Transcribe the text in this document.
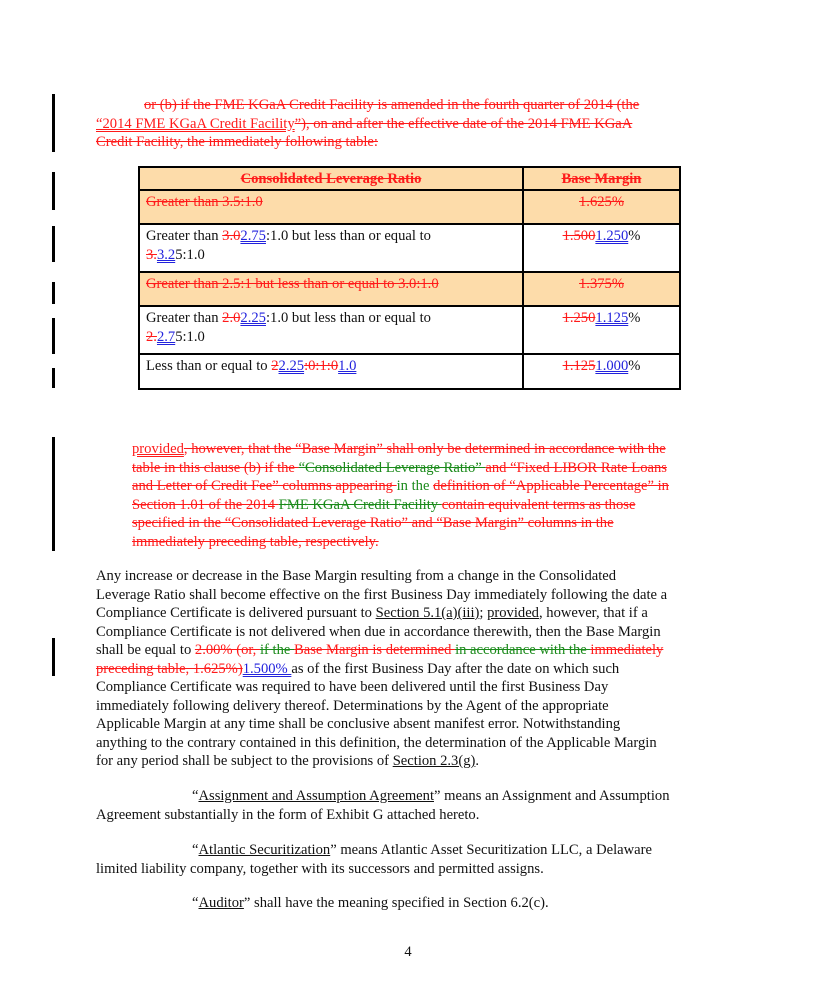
or (b) if the FME KGaA Credit Facility is amended in the fourth quarter of 2014 (the
“2014 FME KGaA Credit Facility”), on and after the effective date of the 2014 FME KGaA
Credit Facility, the immediately following table:
Consolidated Leverage Ratio	Base Margin
Greater than 3.5:1.0	1.625%
Greater than 3.02.75:1.0 but less than or equal to
3.3.25:1.0	1.5001.250%
Greater than 2.5:1 but less than or equal to 3.0:1.0	1.375%
Greater than 2.02.25:1.0 but less than or equal to
2.2.75:1.0	1.2501.125%
Less than or equal to 22.25:0:1:01.0	1.1251.000%
provided, however, that the “Base Margin” shall only be determined in accordance with the
table in this clause (b) if the “Consolidated Leverage Ratio” and “Fixed LIBOR Rate Loans
and Letter of Credit Fee” columns appearing in the definition of “Applicable Percentage” in
Section 1.01 of the 2014 FME KGaA Credit Facility contain equivalent terms as those
specified in the “Consolidated Leverage Ratio” and “Base Margin” columns in the
immediately preceding table, respectively.
Any increase or decrease in the Base Margin resulting from a change in the Consolidated
Leverage Ratio shall become effective on the first Business Day immediately following the date a
Compliance Certificate is delivered pursuant to Section 5.1(a)(iii); provided, however, that if a
Compliance Certificate is not delivered when due in accordance therewith, then the Base Margin
shall be equal to 2.00% (or, if the Base Margin is determined in accordance with the immediately
preceding table, 1.625%)1.500% as of the first Business Day after the date on which such
Compliance Certificate was required to have been delivered until the first Business Day
immediately following delivery thereof. Determinations by the Agent of the appropriate
Applicable Margin at any time shall be conclusive absent manifest error. Notwithstanding
anything to the contrary contained in this definition, the determination of the Applicable Margin
for any period shall be subject to the provisions of Section 2.3(g).
“Assignment and Assumption Agreement” means an Assignment and Assumption
Agreement substantially in the form of Exhibit G attached hereto.
“Atlantic Securitization” means Atlantic Asset Securitization LLC, a Delaware
limited liability company, together with its successors and permitted assigns.
“Auditor” shall have the meaning specified in Section 6.2(c).
4
